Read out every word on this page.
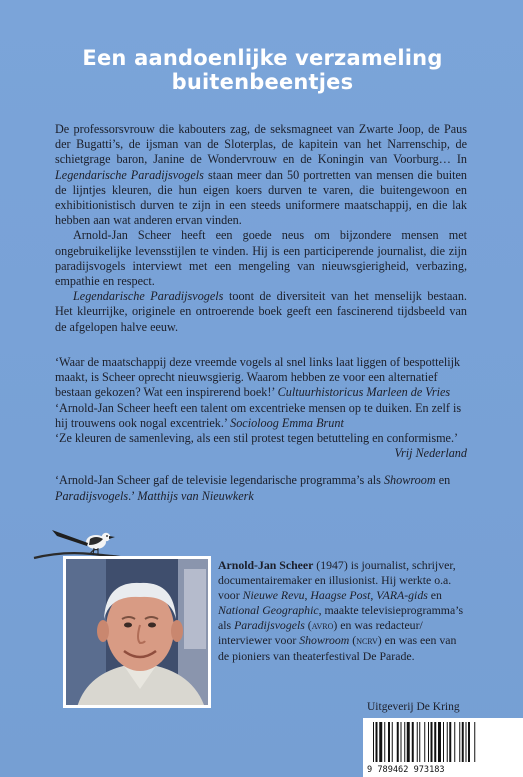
Een aandoenlijke verzameling
buitenbeentjes

De professorsvrouw die kabouters zag, de seksmagneet van Zwarte Joop, de Paus der Bugatti’s, de ijsman van de Sloterplas, de kapitein van het Narrenschip, de schietgrage baron, Janine de Wondervrouw en de Koningin van Voorburg… In Legendarische Paradijsvogels staan meer dan 50 portretten van mensen die buiten de lijntjes kleuren, die hun eigen koers durven te varen, die buitengewoon en exhibitionistisch durven te zijn in een steeds uniformere maatschappij, en die lak hebben aan wat anderen ervan vinden.

Arnold-Jan Scheer heeft een goede neus om bijzondere mensen met ongebruikelijke levensstijlen te vinden. Hij is een participerende journalist, die zijn paradijsvogels interviewt met een mengeling van nieuwsgierigheid, verbazing, empathie en respect.

Legendarische Paradijsvogels toont de diversiteit van het menselijk bestaan. Het kleurrijke, originele en ontroerende boek geeft een fascinerend tijdsbeeld van de afgelopen halve eeuw.

‘Waar de maatschappij deze vreemde vogels al snel links laat liggen of bespottelijk maakt, is Scheer oprecht nieuwsgierig. Waarom hebben ze voor een alternatief bestaan gekozen? Wat een inspirerend boek!’ Cultuurhistoricus Marleen de Vries

‘Arnold-Jan Scheer heeft een talent om excentrieke mensen op te duiken. En zelf is hij trouwens ook nogal excentriek.’ Socioloog Emma Brunt

‘Ze kleuren de samenleving, als een stil protest tegen betutteling en conformisme.’
Vrij Nederland

‘Arnold-Jan Scheer gaf de televisie legendarische programma’s als Showroom en Paradijsvogels.’ Matthijs van Nieuwkerk

Arnold-Jan Scheer (1947) is journalist, schrijver, documentairemaker en illusionist. Hij werkte o.a. voor Nieuwe Revu, Haagse Post, VARA-gids en National Geographic, maakte televisieprogramma’s als Paradijsvogels (avro) en was redacteur/ interviewer voor Showroom (ncrv) en was een van de pioniers van theaterfestival De Parade.

Uitgeverij De Kring
9 789462 973183
